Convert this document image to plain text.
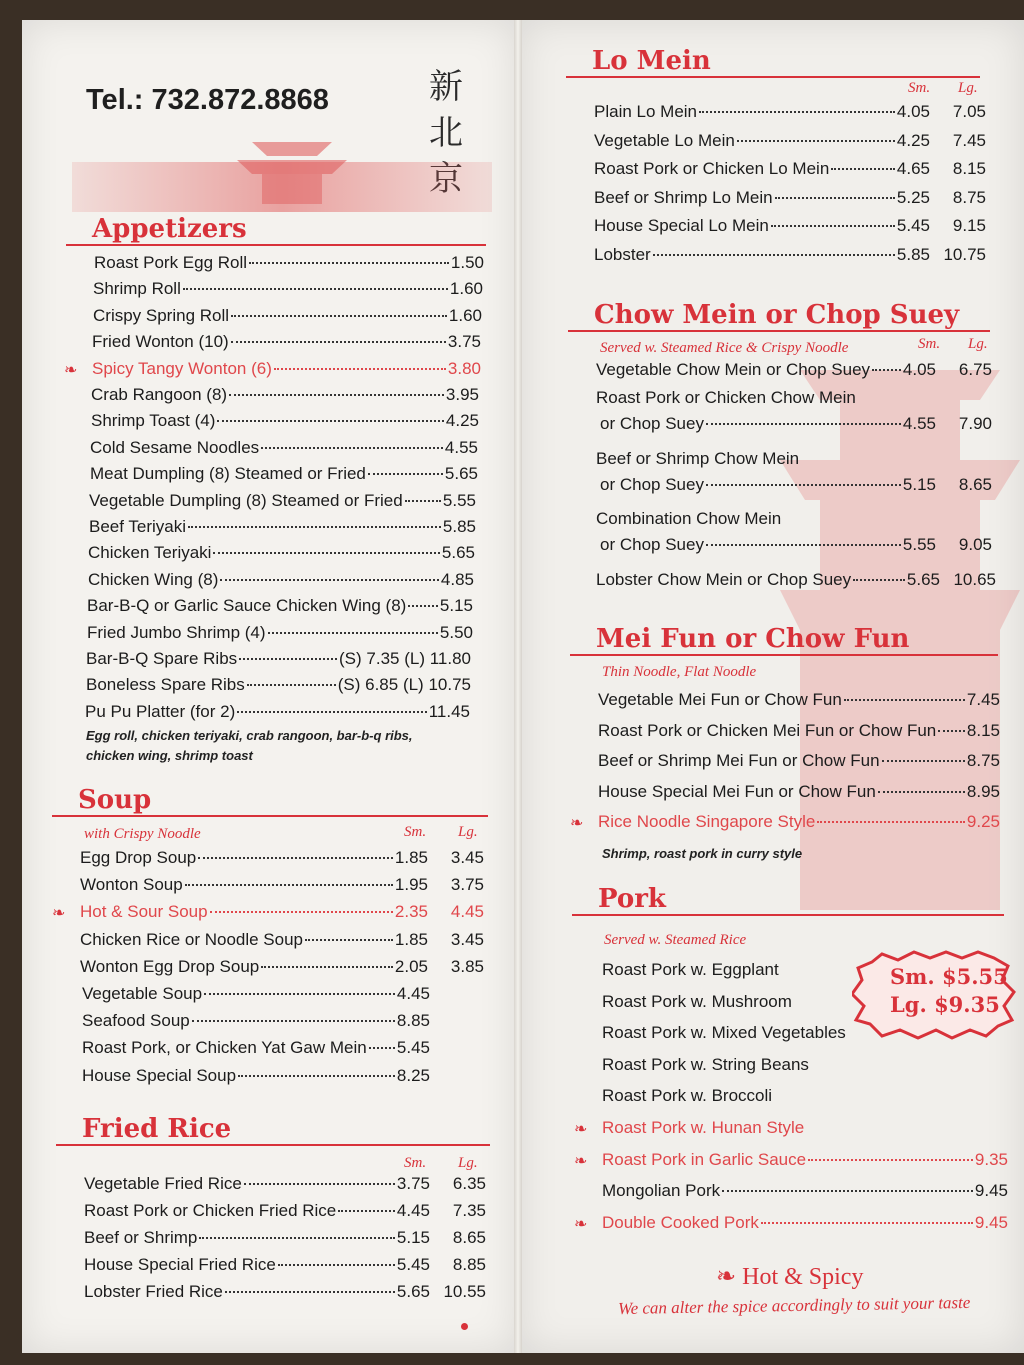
Tel.: 732.872.8868	新
北
Appetizers
Roast Pork Egg Roll	1.50
Shrimp Roll	1.60
Crispy Spring Roll	1.60
Fried Wonton (10)	3.75
❧ Spicy Tangy Wonton (6)	3.80
Crab Rangoon (8)	3.95
Shrimp Toast (4)	4.25
Cold Sesame Noodles	4.55
Meat Dumpling (8) Steamed or Fried	5.65
Vegetable Dumpling (8) Steamed or Fried 5.55
Beef Teriyaki	5.85
Chicken Teriyaki	5.65
Chicken Wing (8)	4.85
Bar-B-Q or Garlic Sauce Chicken Wing (8) 5.15
Fried Jumbo Shrimp (4)	5.50
Bar-B-Q Spare Ribs	(S) 7.35 (L) 11.80
Boneless Spare Ribs	(S) 6.85 (L) 10.75
Pu Pu Platter (for 2)	11.45
Egg roll, chicken teriyaki, crab rangoon, bar-b-q ribs,
chicken wing, shrimp toast
Soup
with Crispy Noodle	Sm. Lg.
Egg Drop Soup	1.85	3.45
Wonton Soup	1.95	3.75
❧ Hot & Sour Soup	2.35	4.45
Chicken Rice or Noodle Soup	1.85	3.45
Wonton Egg Drop Soup	2.05	3.85
Vegetable Soup	4.45
Seafood Soup	8.85
Roast Pork, or Chicken Yat Gaw Mein 5.45
House Special Soup	8.25
Fried Rice
Sm. Lg.
Vegetable Fried Rice	3.75	6.35
Roast Pork or Chicken Fried Rice	4.45	7.35
Beef or Shrimp	5.15	8.65
House Special Fried Rice	5.45	8.85
Lobster Fried Rice	5.65 10.55
Lo Mein
Sm. Lg.
Plain Lo Mein	4.05	7.05
Vegetable Lo Mein	4.25	7.45
Roast Pork or Chicken Lo Mein	4.65	8.15
Beef or Shrimp Lo Mein	5.25	8.75
House Special Lo Mein	5.45	9.15
Lobster	5.85 10.75
Chow Mein or Chop Suey
Served w. Steamed Rice & Crispy Noodle	Sm. Lg.
Vegetable Chow Mein or Chop Suey 4.05	6.75
Roast Pork or Chicken Chow Mein
or Chop Suey	4.55	7.90
Beef or Shrimp Chow Mein
or Chop Suey	5.15	8.65
Combination Chow Mein
or Chop Suey	5.55	9.05
Lobster Chow Mein or Chop Suey	5.65 10.65
Mei Fun or Chow Fun
Thin Noodle, Flat Noodle
Vegetable Mei Fun or Chow Fun	7.45
Roast Pork or Chicken Mei Fun or Chow Fun 8.15
Beef or Shrimp Mei Fun or Chow Fun	8.75
House Special Mei Fun or Chow Fun	8.95
❧ Rice Noodle Singapore Style	9.25
Shrimp, roast pork in curry style
Pork
Served w. Steamed Rice
Roast Pork w. Eggplant
Roast Pork w. Mushroom
Roast Pork w. Mixed Vegetables
Roast Pork w. String Beans
Roast Pork w. Broccoli
❧ Roast Pork w. Hunan Style
❧ Roast Pork in Garlic Sauce	9.35
Mongolian Pork	9.45
❧ Double Cooked Pork	9.45
Sm. $5.55
Lg. $9.35
❧ Hot & Spicy
We can alter the spice accordingly to suit your taste
